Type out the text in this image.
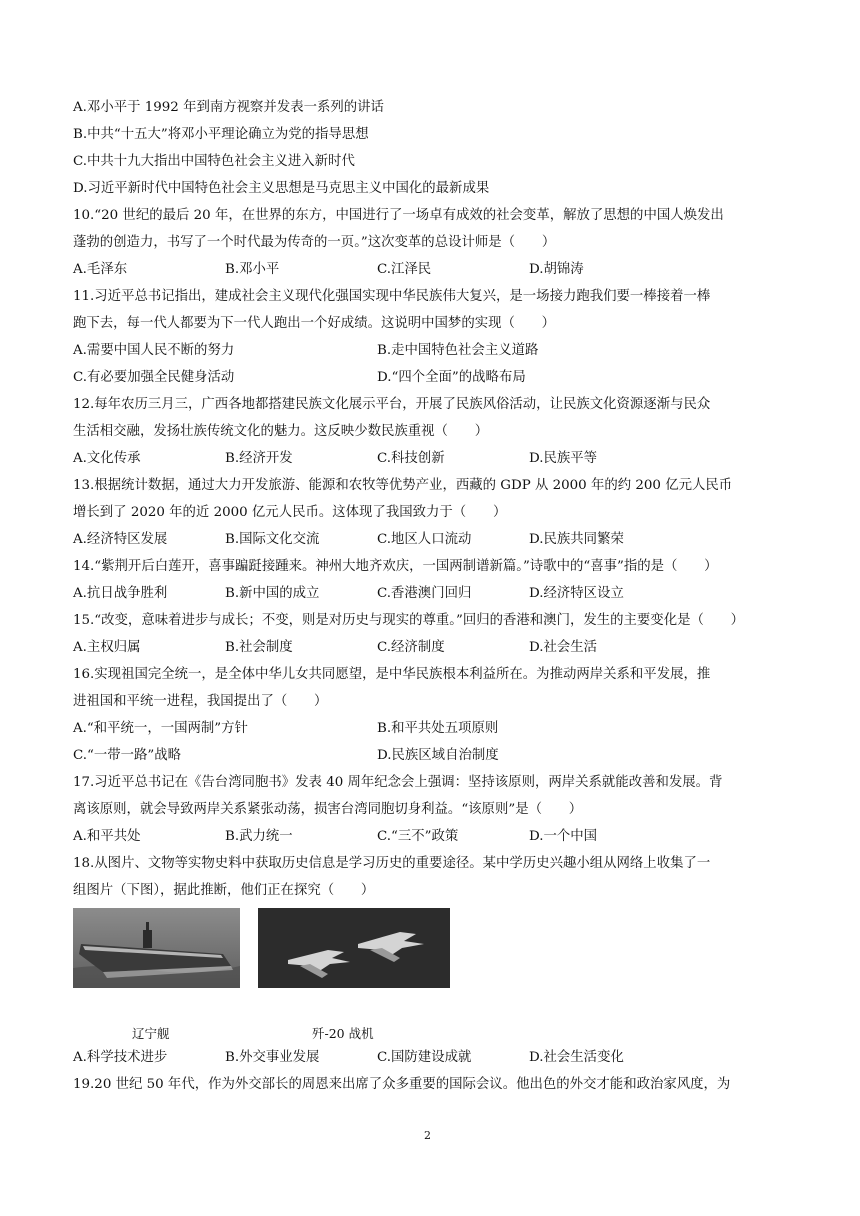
A.邓小平于 1992 年到南方视察并发表一系列的讲话
B.中共“十五大”将邓小平理论确立为党的指导思想
C.中共十九大指出中国特色社会主义进入新时代
D.习近平新时代中国特色社会主义思想是马克思主义中国化的最新成果
10.“20 世纪的最后 20 年，在世界的东方，中国进行了一场卓有成效的社会变革，解放了思想的中国人焕发出
蓬勃的创造力，书写了一个时代最为传奇的一页。”这次变革的总设计师是（　　）
A.毛泽东	B.邓小平	C.江泽民	D.胡锦涛
11.习近平总书记指出，建成社会主义现代化强国实现中华民族伟大复兴，是一场接力跑我们要一棒接着一棒
跑下去，每一代人都要为下一代人跑出一个好成绩。这说明中国梦的实现（　　）
A.需要中国人民不断的努力	B.走中国特色社会主义道路
C.有必要加强全民健身活动	D.“四个全面”的战略布局
12.每年农历三月三，广西各地都搭建民族文化展示平台，开展了民族风俗活动，让民族文化资源逐渐与民众
生活相交融，发扬壮族传统文化的魅力。这反映少数民族重视（　　）
A.文化传承	B.经济开发	C.科技创新	D.民族平等
13.根据统计数据，通过大力开发旅游、能源和农牧等优势产业，西藏的 GDP 从 2000 年的约 200 亿元人民币
增长到了 2020 年的近 2000 亿元人民币。这体现了我国致力于（　　）
A.经济特区发展	B.国际文化交流	C.地区人口流动	D.民族共同繁荣
14.“紫荆开后白莲开，喜事蹁跹接踵来。神州大地齐欢庆，一国两制谱新篇。”诗歌中的“喜事”指的是（　　）
A.抗日战争胜利	B.新中国的成立	C.香港澳门回归	D.经济特区设立
15.“改变，意味着进步与成长；不变，则是对历史与现实的尊重。”回归的香港和澳门，发生的主要变化是（　　）
A.主权归属	B.社会制度	C.经济制度	D.社会生活
16.实现祖国完全统一，是全体中华儿女共同愿望，是中华民族根本利益所在。为推动两岸关系和平发展，推
进祖国和平统一进程，我国提出了（　　）
A.“和平统一，一国两制”方针	B.和平共处五项原则
C.“一带一路”战略	D.民族区域自治制度
17.习近平总书记在《告台湾同胞书》发表 40 周年纪念会上强调：坚持该原则，两岸关系就能改善和发展。背
离该原则，就会导致两岸关系紧张动荡，损害台湾同胞切身利益。“该原则”是（　　）
A.和平共处	B.武力统一	C.“三不”政策	D.一个中国
18.从图片、文物等实物史料中获取历史信息是学习历史的重要途径。某中学历史兴趣小组从网络上收集了一
组图片（下图），据此推断，他们正在探究（　　）
辽宁舰	歼-20 战机
A.科学技术进步	B.外交事业发展	C.国防建设成就	D.社会生活变化
19.20 世纪 50 年代，作为外交部长的周恩来出席了众多重要的国际会议。他出色的外交才能和政治家风度，为
2
